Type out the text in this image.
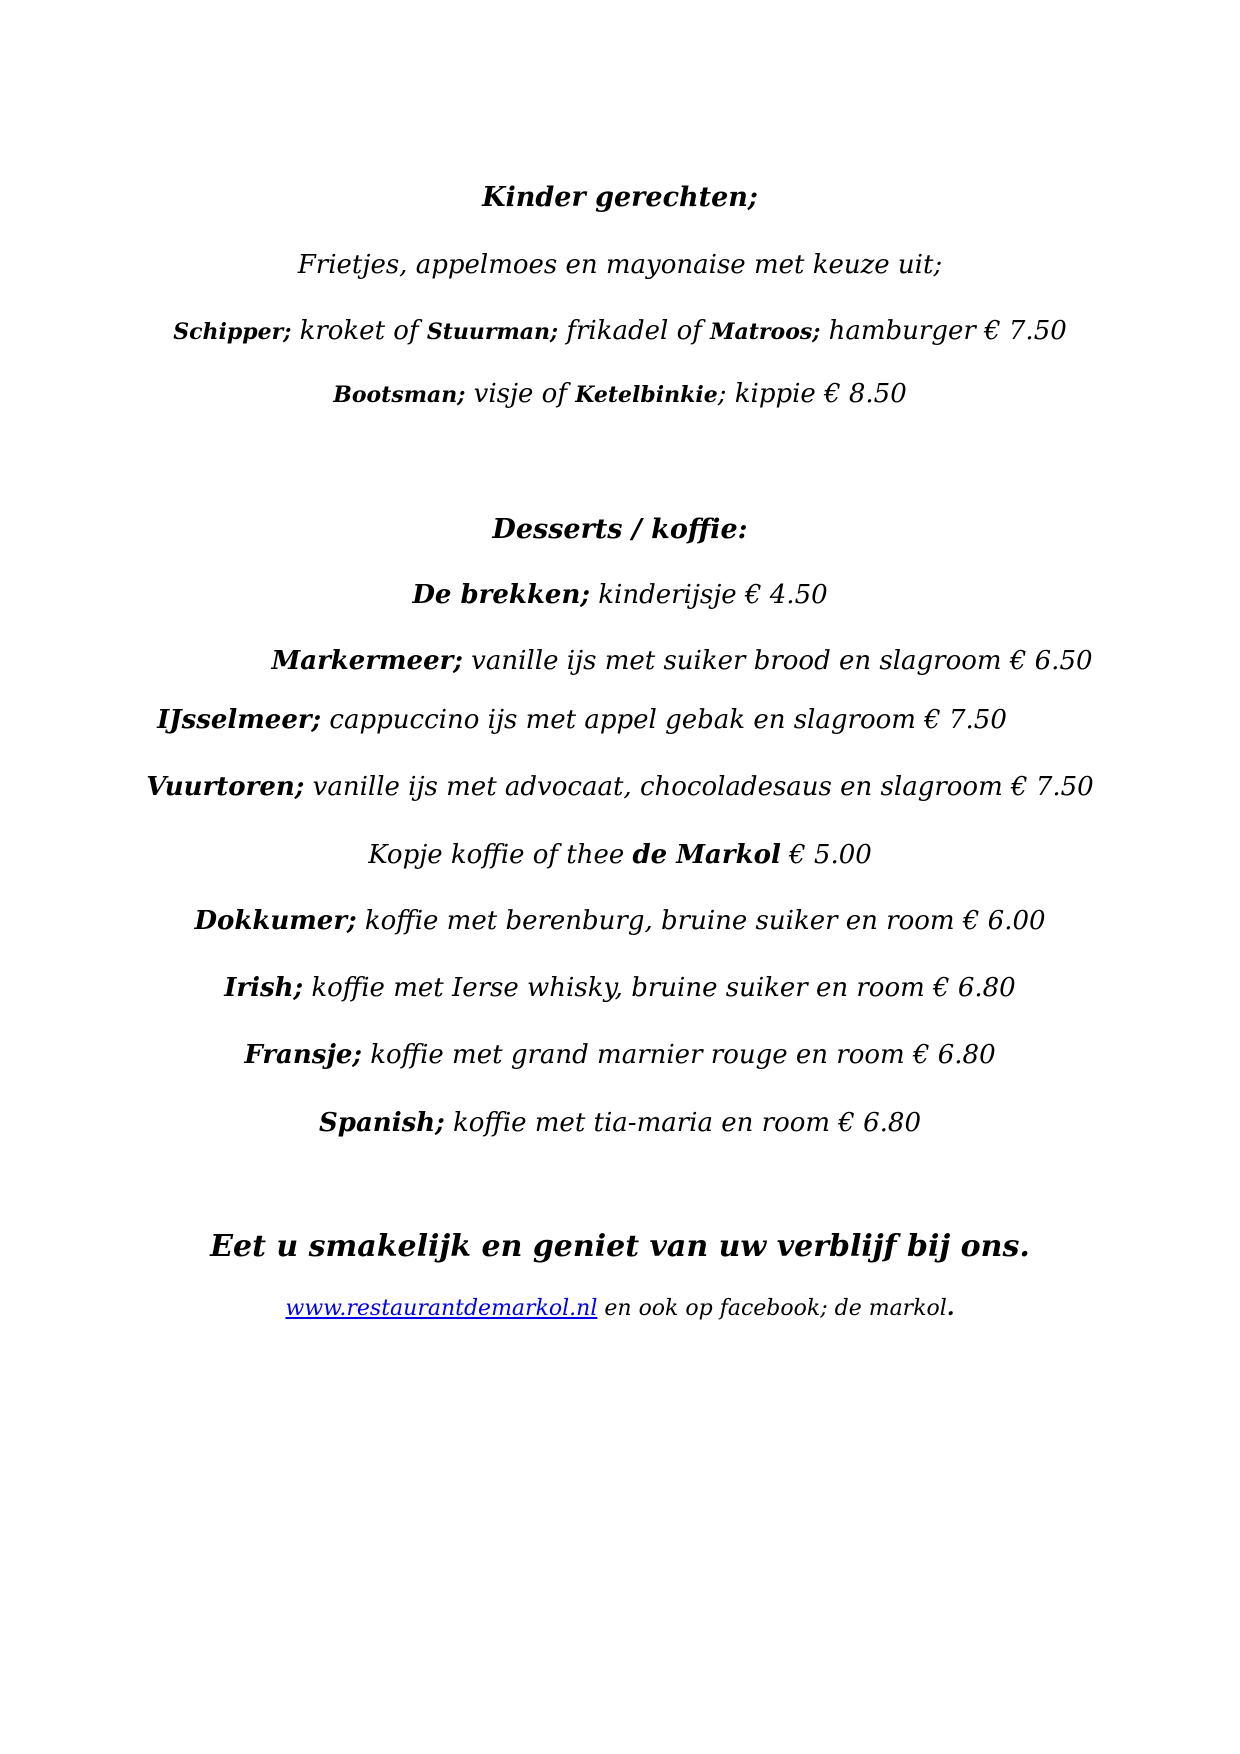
Kinder gerechten;
Frietjes, appelmoes en mayonaise met keuze uit;
Schipper; kroket of Stuurman; frikadel of Matroos; hamburger € 7.50
Bootsman; visje of Ketelbinkie; kippie € 8.50
Desserts / koffie:
De brekken; kinderijsje € 4.50
Markermeer; vanille ijs met suiker brood en slagroom € 6.50
IJsselmeer; cappuccino ijs met appel gebak en slagroom € 7.50
Vuurtoren; vanille ijs met advocaat, chocoladesaus en slagroom € 7.50
Kopje koffie of thee de Markol € 5.00
Dokkumer; koffie met berenburg, bruine suiker en room € 6.00
Irish; koffie met Ierse whisky, bruine suiker en room € 6.80
Fransje; koffie met grand marnier rouge en room € 6.80
Spanish; koffie met tia-maria en room € 6.80
Eet u smakelijk en geniet van uw verblijf bij ons.
www.restaurantdemarkol.nl en ook op facebook; de markol.
